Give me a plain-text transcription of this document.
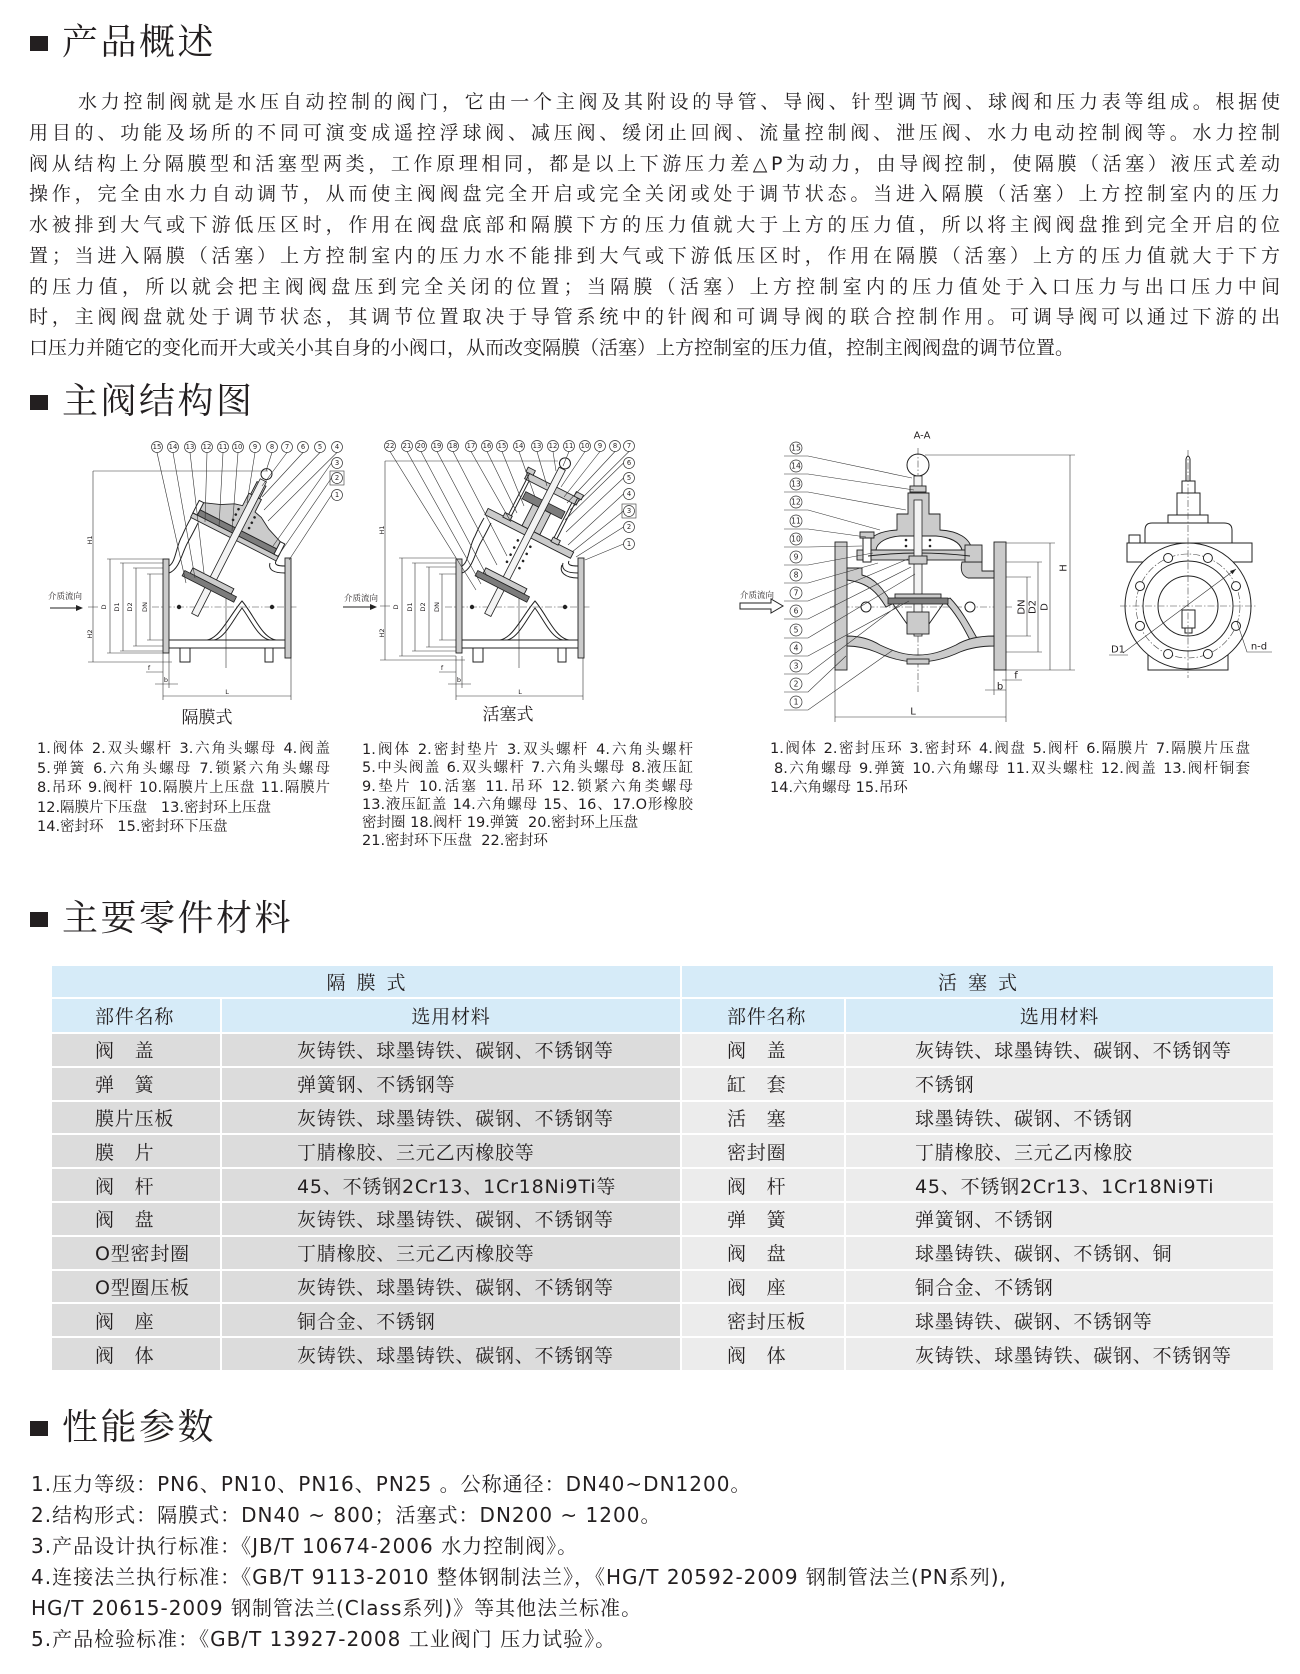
产品概述
水力控制阀就是水压自动控制的阀门，它由一个主阀及其附设的导管、导阀、针型调节阀、球阀和压力表等组成。根据使
用目的、功能及场所的不同可演变成遥控浮球阀、减压阀、缓闭止回阀、流量控制阀、泄压阀、水力电动控制阀等。水力控制
阀从结构上分隔膜型和活塞型两类，工作原理相同，都是以上下游压力差△P为动力，由导阀控制，使隔膜（活塞）液压式差动
操作，完全由水力自动调节，从而使主阀阀盘完全开启或完全关闭或处于调节状态。当进入隔膜（活塞）上方控制室内的压力
水被排到大气或下游低压区时，作用在阀盘底部和隔膜下方的压力值就大于上方的压力值，所以将主阀阀盘推到完全开启的位
置；当进入隔膜（活塞）上方控制室内的压力水不能排到大气或下游低压区时，作用在隔膜（活塞）上方的压力值就大于下方
的压力值，所以就会把主阀阀盘压到完全关闭的位置；当隔膜（活塞）上方控制室内的压力值处于入口压力与出口压力中间
时，主阀阀盘就处于调节状态，其调节位置取决于导管系统中的针阀和可调导阀的联合控制作用。可调导阀可以通过下游的出
口压力并随它的变化而开大或关小其自身的小阀口，从而改变隔膜（活塞）上方控制室的压力值，控制主阀阀盘的调节位置。
主阀结构图
H1
H2
D D1 D2 DN
L
b
f
介质流向
15 14 13 12 11 10 9 8 7 6 5 4
3
2
1
H1
H2
D D1 D2 DN
L
b
f
介质流向
22 21 20 19 18 17 16 15 14 13 12 11 10 9 8 7
6
5
4
3
2
1
A-A
H
DN D2 D
L
b
f
介质流向
15
14
13
12
11
10
9
8
7
6
5
4
3
2
1
D1	n-d
隔膜式	活塞式
1.阀体 2.双头螺杆 3.六角头螺母 4.阀盖
5.弹簧 6.六角头螺母 7.锁紧六角头螺母
8.吊环 9.阀杆 10.隔膜片上压盘 11.隔膜片
12.隔膜片下压盘   13.密封环上压盘
14.密封环   15.密封环下压盘
1.阀体 2.密封垫片 3.双头螺杆 4.六角头螺杆
5.中头阀盖 6.双头螺杆 7.六角头螺母 8.液压缸
9.垫片 10.活塞 11.吊环 12.锁紧六角类螺母
13.液压缸盖 14.六角螺母 15、16、17.O形橡胶
密封圈 18.阀杆 19.弹簧  20.密封环上压盘
21.密封环下压盘  22.密封环
1.阀体 2.密封压环 3.密封环 4.阀盘 5.阀杆 6.隔膜片 7.隔膜片压盘
8.六角螺母 9.弹簧 10.六角螺母 11.双头螺柱 12.阀盖 13.阀杆铜套
14.六角螺母 15.吊环
主要零件材料
隔膜式	活塞式
部件名称	选用材料	部件名称	选用材料
阀　盖	灰铸铁、球墨铸铁、碳钢、不锈钢等	阀　盖	灰铸铁、球墨铸铁、碳钢、不锈钢等
弹　簧	弹簧钢、不锈钢等	缸　套	不锈钢
膜片压板	灰铸铁、球墨铸铁、碳钢、不锈钢等	活　塞	球墨铸铁、碳钢、不锈钢
膜　片	丁腈橡胶、三元乙丙橡胶等	密封圈	丁腈橡胶、三元乙丙橡胶
阀　杆	45、不锈钢2Cr13、1Cr18Ni9Ti等	阀　杆	45、不锈钢2Cr13、1Cr18Ni9Ti
阀　盘	灰铸铁、球墨铸铁、碳钢、不锈钢等	弹　簧	弹簧钢、不锈钢
O型密封圈	丁腈橡胶、三元乙丙橡胶等	阀　盘	球墨铸铁、碳钢、不锈钢、铜
O型圈压板	灰铸铁、球墨铸铁、碳钢、不锈钢等	阀　座	铜合金、不锈钢
阀　座	铜合金、不锈钢	密封压板	球墨铸铁、碳钢、不锈钢等
阀　体	灰铸铁、球墨铸铁、碳钢、不锈钢等	阀　体	灰铸铁、球墨铸铁、碳钢、不锈钢等
性能参数
1.压力等级：PN6、PN10、PN16、PN25 。公称通径：DN40~DN1200。
2.结构形式：隔膜式：DN40 ~ 800；活塞式：DN200 ~ 1200。
3.产品设计执行标准：《JB/T 10674-2006 水力控制阀》。
4.连接法兰执行标准：《GB/T 9113-2010 整体钢制法兰》，《HG/T 20592-2009 钢制管法兰(PN系列),
HG/T 20615-2009 钢制管法兰(Class系列)》等其他法兰标准。
5.产品检验标准：《GB/T 13927-2008 工业阀门 压力试验》。
